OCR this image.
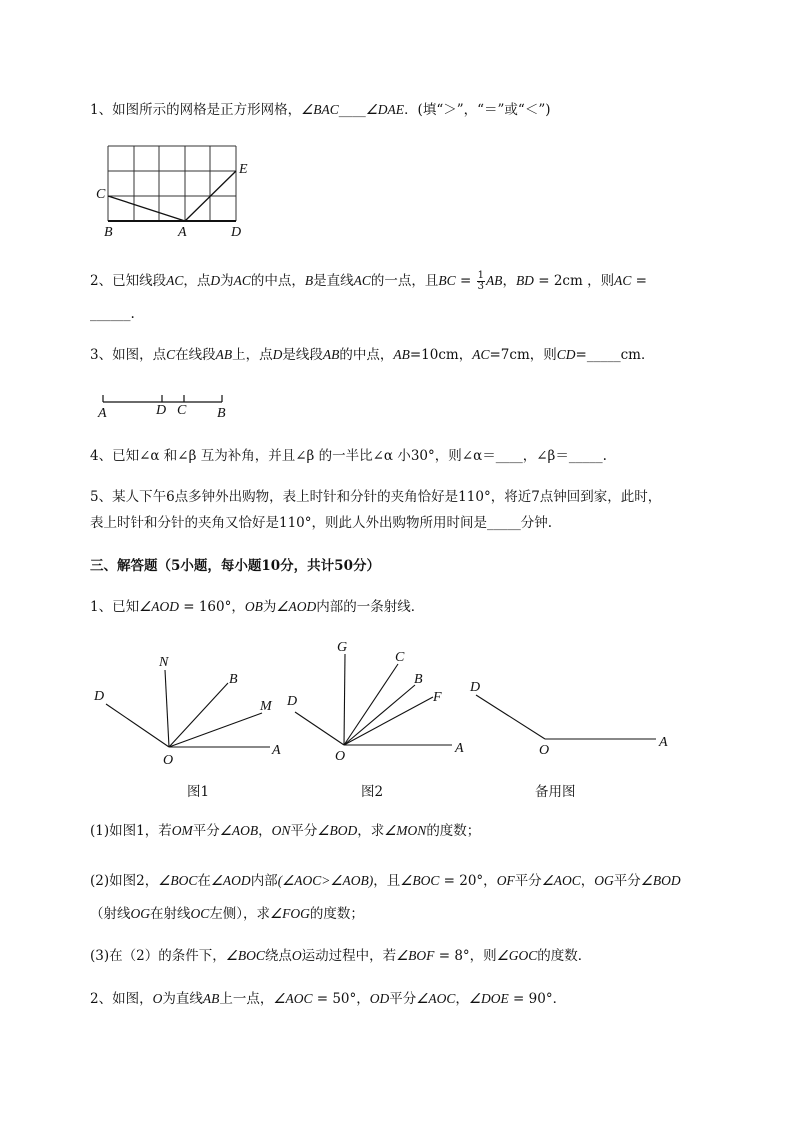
1、如图所示的网格是正方形网格，∠BAC____∠DAE．(填“＞”，“＝”或“＜”)
C
E
B	A	D
2、已知线段AC，点D为AC的中点，B是直线AC的一点，且BC = $\frac{1}{3}$ AB，BD = 2cm ，则AC =
______.
3、如图，点C在线段AB上，点D是线段AB的中点，AB=10cm，AC=7cm，则CD=_____cm．
A	D C B
4、已知∠α 和∠β 互为补角，并且∠β 的一半比∠α 小30°，则∠α＝____，∠β＝_____.
5、某人下午6点多钟外出购物，表上时针和分针的夹角恰好是110°，将近7点钟回到家，此时，
表上时针和分针的夹角又恰好是110°，则此人外出购物所用时间是_____分钟.
三、解答题（5小题，每小题10分，共计50分）
1、已知∠AOD = 160°，OB为∠AOD内部的一条射线．
D
N
B
M
O
A
G
C
B
F
D
O
A
D
O
A
图1	图2	备用图
(1)如图1，若OM平分∠AOB，ON平分∠BOD，求∠MON的度数；
(2)如图2，∠BOC在∠AOD内部(∠AOC>∠AOB)，且∠BOC = 20°，OF平分∠AOC，OG平分∠BOD
（射线OG在射线OC左侧），求∠FOG的度数；
(3)在（2）的条件下，∠BOC绕点O运动过程中，若∠BOF = 8°，则∠GOC的度数．
2、如图，O为直线AB上一点，∠AOC = 50°，OD平分∠AOC，∠DOE = 90°．
